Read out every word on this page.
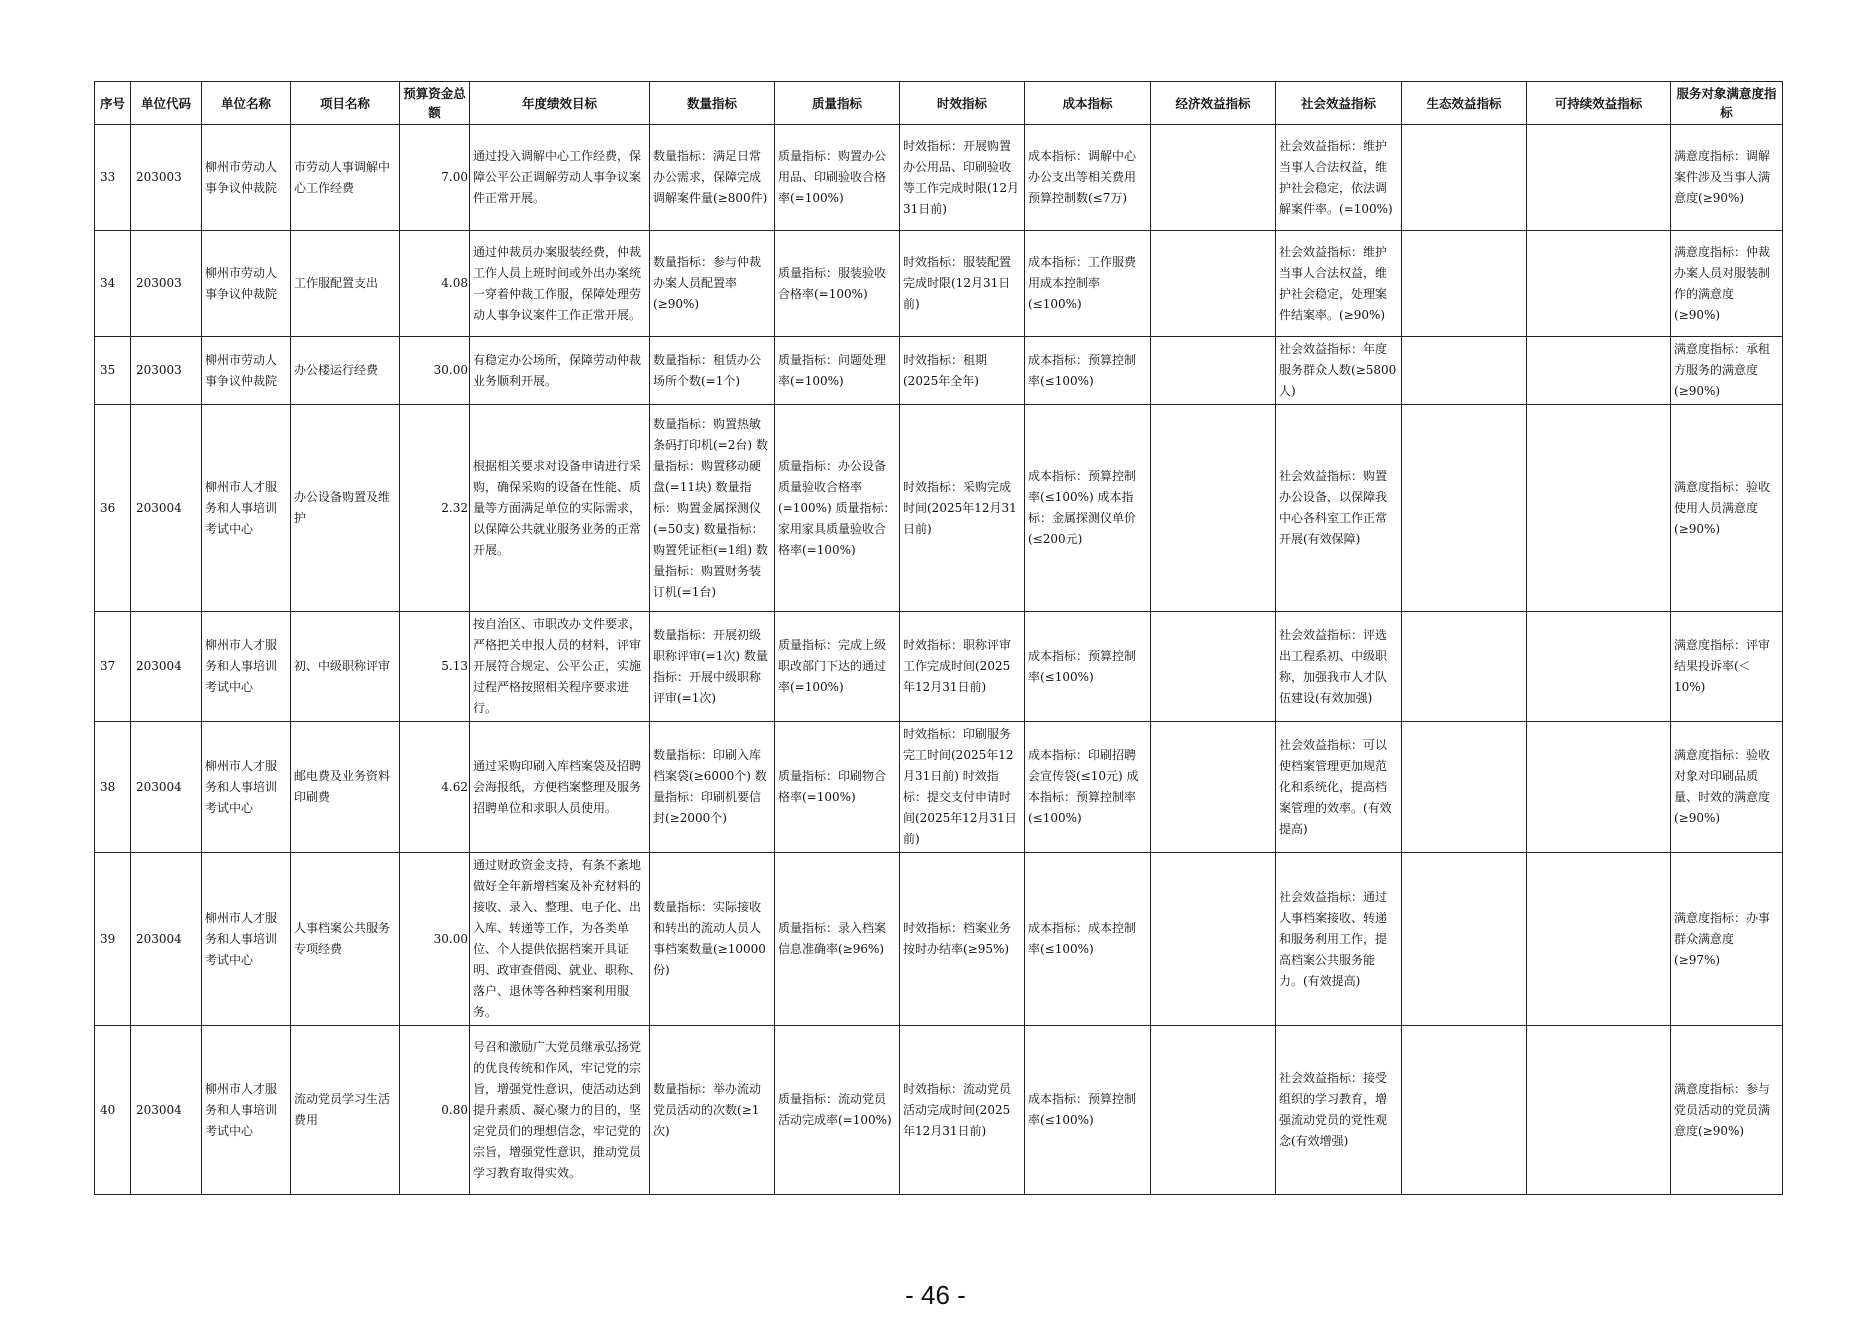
序号	单位代码	单位名称	项目名称	预算资金总额	年度绩效目标	数量指标	质量指标	时效指标	成本指标	经济效益指标	社会效益指标	生态效益指标	可持续效益指标	服务对象满意度指标
33	203003	柳州市劳动人事争议仲裁院	市劳动人事调解中心工作经费	7.00	通过投入调解中心工作经费，保障公平公正调解劳动人事争议案件正常开展。	数量指标：满足日常办公需求，保障完成调解案件量(≥800件)	质量指标：购置办公用品、印刷验收合格率(=100%)	时效指标：开展购置办公用品、印刷验收等工作完成时限(12月31日前)	成本指标：调解中心办公支出等相关费用预算控制数(≤7万)		社会效益指标：维护当事人合法权益，维护社会稳定，依法调解案件率。(=100%)			满意度指标：调解案件涉及当事人满意度(≥90%)
34	203003	柳州市劳动人事争议仲裁院	工作服配置支出	4.08	通过仲裁员办案服装经费，仲裁工作人员上班时间或外出办案统一穿着仲裁工作服，保障处理劳动人事争议案件工作正常开展。	数量指标：参与仲裁办案人员配置率(≥90%)	质量指标：服装验收合格率(=100%)	时效指标：服装配置完成时限(12月31日前)	成本指标：工作服费用成本控制率(≤100%)		社会效益指标：维护当事人合法权益，维护社会稳定，处理案件结案率。(≥90%)			满意度指标：仲裁办案人员对服装制作的满意度(≥90%)
35	203003	柳州市劳动人事争议仲裁院	办公楼运行经费	30.00	有稳定办公场所，保障劳动仲裁业务顺利开展。	数量指标：租赁办公场所个数(=1个)	质量指标：问题处理率(=100%)	时效指标：租期(2025年全年)	成本指标：预算控制率(≤100%)		社会效益指标：年度服务群众人数(≥5800人)			满意度指标：承租方服务的满意度(≥90%)
36	203004	柳州市人才服务和人事培训考试中心	办公设备购置及维护	2.32	根据相关要求对设备申请进行采购，确保采购的设备在性能、质量等方面满足单位的实际需求，以保障公共就业服务业务的正常开展。	数量指标：购置热敏条码打印机(=2台) 数量指标：购置移动硬盘(=11块) 数量指标：购置金属探测仪(=50支) 数量指标：购置凭证柜(=1组) 数量指标：购置财务装订机(=1台)	质量指标：办公设备质量验收合格率(=100%) 质量指标：家用家具质量验收合格率(=100%)	时效指标：采购完成时间(2025年12月31日前)	成本指标：预算控制率(≤100%) 成本指标：金属探测仪单价(≤200元)		社会效益指标：购置办公设备，以保障我中心各科室工作正常开展(有效保障)			满意度指标：验收使用人员满意度(≥90%)
37	203004	柳州市人才服务和人事培训考试中心	初、中级职称评审	5.13	按自治区、市职改办文件要求，严格把关申报人员的材料，评审开展符合规定、公平公正，实施过程严格按照相关程序要求进行。	数量指标：开展初级职称评审(=1次) 数量指标：开展中级职称评审(=1次)	质量指标：完成上级职改部门下达的通过率(=100%)	时效指标：职称评审工作完成时间(2025年12月31日前)	成本指标：预算控制率(≤100%)		社会效益指标：评选出工程系初、中级职称，加强我市人才队伍建设(有效加强)			满意度指标：评审结果投诉率(＜10%)
38	203004	柳州市人才服务和人事培训考试中心	邮电费及业务资料印刷费	4.62	通过采购印刷入库档案袋及招聘会海报纸，方便档案整理及服务招聘单位和求职人员使用。	数量指标：印刷入库档案袋(≥6000个) 数量指标：印刷机要信封(≥2000个)	质量指标：印刷物合格率(=100%)	时效指标：印刷服务完工时间(2025年12月31日前) 时效指标：提交支付申请时间(2025年12月31日前)	成本指标：印刷招聘会宣传袋(≤10元) 成本指标：预算控制率(≤100%)		社会效益指标：可以使档案管理更加规范化和系统化，提高档案管理的效率。(有效提高)			满意度指标：验收对象对印刷品质量、时效的满意度(≥90%)
39	203004	柳州市人才服务和人事培训考试中心	人事档案公共服务专项经费	30.00	通过财政资金支持，有条不紊地做好全年新增档案及补充材料的接收、录入、整理、电子化、出入库、转递等工作，为各类单位、个人提供依据档案开具证明、政审查借阅、就业、职称、落户、退休等各种档案利用服务。	数量指标：实际接收和转出的流动人员人事档案数量(≥10000份)	质量指标：录入档案信息准确率(≥96%)	时效指标：档案业务按时办结率(≥95%)	成本指标：成本控制率(≤100%)		社会效益指标：通过人事档案接收、转递和服务利用工作，提高档案公共服务能力。(有效提高)			满意度指标：办事群众满意度(≥97%)
40	203004	柳州市人才服务和人事培训考试中心	流动党员学习生活费用	0.80	号召和激励广大党员继承弘扬党的优良传统和作风，牢记党的宗旨，增强党性意识，使活动达到提升素质、凝心聚力的目的，坚定党员们的理想信念，牢记党的宗旨，增强党性意识，推动党员学习教育取得实效。	数量指标：举办流动党员活动的次数(≥1次)	质量指标：流动党员活动完成率(=100%)	时效指标：流动党员活动完成时间(2025年12月31日前)	成本指标：预算控制率(≤100%)		社会效益指标：接受组织的学习教育，增强流动党员的党性观念(有效增强)			满意度指标：参与党员活动的党员满意度(≥90%)
- 46 -
